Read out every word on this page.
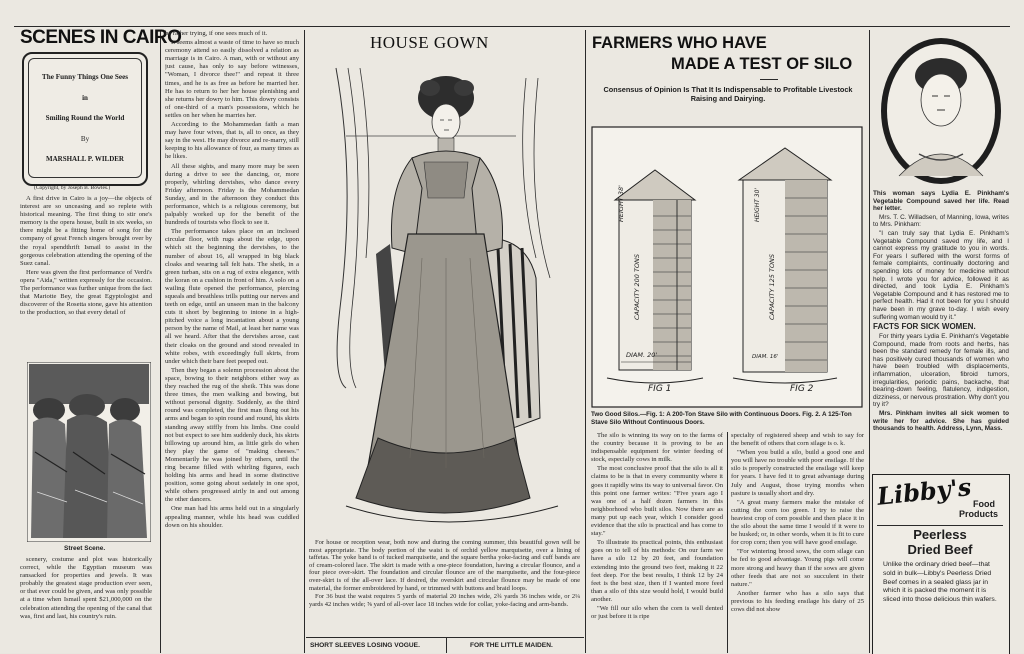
SCENES IN CAIRO
The Funny Things One Sees
in
Smiling Round the World
By
MARSHALL P. WILDER
(Copyright, by Joseph B. Bowles.)

A first drive in Cairo is a joy—the objects of interest are so unceasing and so replete with historical meaning. The first thing to stir one's memory is the opera house, built in six weeks, so there might be a fitting home of song for the company of great French singers brought over by the royal spendthrift Ismail to assist in the gorgeous celebration attending the opening of the Suez canal.

Here was given the first performance of Verdi's opera "Aida," written expressly for the occasion. The performance was further unique from the fact that Mariotte Bey, the great Egyptologist and discoverer of the Rosetta stone, gave his attention to the production, so that every detail of

Street Scene.

scenery, costume and plot was historically correct, while the Egyptian museum was ransacked for properties and jewels. It was probably the greatest stage production ever seen, or that ever could be given, and was only possible at a time when Ismail spent $21,000,000 on the celebration attending the opening of the canal that was, first and last, his country's ruin.

be rather trying, if one sees much of it.

It seems almost a waste of time to have so much ceremony attend so easily dissolved a relation as marriage is in Cairo. A man, with or without any just cause, has only to say before witnesses, "Woman, I divorce thee!" and repeat it three times, and he is as free as before he married her. He has to return to her her house plenishing and she returns her dowry to him. This dowry consists of one-third of a man's possessions, which he settles on her when he marries her.

According to the Mohammedan faith a man may have four wives, that is, all to once, as they say in the west. He may divorce and re-marry, still keeping to his allowance of four, as many times as he likes.

All these sights, and many more may be seen during a drive to see the dancing, or, more properly, whirling dervishes, who dance every Friday afternoon. Friday is the Mohammedan Sunday, and in the afternoon they conduct this performance, which is a religious ceremony, but palpably worked up for the benefit of the hundreds of tourists who flock to see it.

The performance takes place on an inclosed circular floor, with rugs about the edge, upon which sit the beginning the dervishes, to the number of about 16, all wrapped in big black cloaks and wearing tall felt hats. The sheik, in a green turban, sits on a rug of extra elegance, with the koran on a cushion in front of him. A solo on a wailing flute opened the performance, piercing squeals and breathless trills putting our nerves and teeth on edge, until an unseen man in the balcony cuts it short by beginning to intone in a high-pitched voice a long incantation about a young person by the name of Mail, at least her name was all we heard. After that the dervishes arose, cast their cloaks on the ground and stood revealed in white robes, with exceedingly full skirts, from under which their bare feet peeped out.

Then they began a solemn procession about the space, bowing to their neighbors either way as they reached the rug of the sheik. This was done three times, the men walking and bowing, but without personal dignity. Suddenly, as the third round was completed, the first man flung out his arms and began to spin round and round, his skirts standing away stiffly from his limbs. One could not but expect to see him suddenly duck, his skirts billowing up around him, as little girls do when they play the game of "making cheeses." Momentarily he was joined by others, until the ring became filled with whirling figures, each holding his arms and head in some distinctive position, some going about sedately in one spot, while others progressed airily in and out among the other dancers.

One man had his arms held out in a singularly appealing manner, while his head was cuddled down on his shoulder.

HOUSE GOWN

For house or reception wear, both now and during the coming summer, this beautiful gown will be most appropriate. The body portion of the waist is of orchid yellow marquisette, over a lining of taffetas. The yoke band is of tucked marquisette, and the square bertha yoke-facing and cuff bands are of cream-colored lace. The skirt is made with a one-piece foundation, having a circular flounce, and a four piece over-skirt. The foundation and circular flounce are of the marquisette, and the four-piece over-skirt is of the all-over lace. If desired, the overskirt and circular flounce may be made of one material, the former embroidered by hand, or trimmed with buttons and braid loops.

For 36 bust the waist requires 5 yards of material 20 inches wide, 2¾ yards 36 inches wide, or 2¼ yards 42 inches wide; ⅝ yard of all-over lace 18 inches wide for collar, yoke-facing and arm-bands.

SHORT SLEEVES LOSING VOGUE.	FOR THE LITTLE MAIDEN.
FARMERS WHO HAVE
MADE A TEST OF SILO
Consensus of Opinion Is That It Is Indispensable to Profitable Livestock Raising and Dairying.
HEIGHT 38'
CAPACITY 200 TONS
DIAM. 20'
FIG 1
HEIGHT 30'
CAPACITY 125 TONS
DIAM. 16'
FIG 2
Two Good Silos.—Fig. 1: A 200-Ton Stave Silo with Continuous Doors. Fig. 2. A 125-Ton Stave Silo Without Continuous Doors.

The silo is winning its way on to the farms of the country because it is proving to be an indispensable equipment for winter feeding of stock, especially cows in milk.

The most conclusive proof that the silo is all it claims to be is that in every community where it goes it rapidly wins its way to universal favor. On this point one farmer writes: "Five years ago I was one of a half dozen farmers in this neighborhood who built silos. Now there are as many put up each year, which I consider good evidence that the silo is practical and has come to stay."

To illustrate its practical points, this enthusiast goes on to tell of his methods: On our farm we have a silo 12 by 20 feet, and foundation extending into the ground two feet, making it 22 feet deep. For the best results, I think 12 by 24 feet is the best size, then if I wanted more feed than a silo of this size would hold, I would build another.

"We fill our silo when the corn is well dented or just before it is ripe

specialty of registered sheep and wish to say for the benefit of others that corn silage is o. k.

"When you build a silo, build a good one and you will have no trouble with poor ensilage. If the silo is properly constructed the ensilage will keep for years. I have fed it to great advantage during July and August, those trying months when pasture is usually short and dry.

"A great many farmers make the mistake of cutting the corn too green. I try to raise the heaviest crop of corn possible and then place it in the silo about the same time I would if it were to be husked; or, in other words, when it is fit to cure for crop corn; then you will have good ensilage.

"For wintering brood sows, the corn silage can be fed to good advantage. Young pigs will come more strong and heavy than if the sows are given other feeds that are not so succulent in their nature."

Another farmer who has a silo says that previous to his feeding ensilage his dairy of 25 cows did not show

This woman says Lydia E. Pinkham's Vegetable Compound saved her life. Read her letter.

Mrs. T. C. Willadsen, of Manning, Iowa, writes to Mrs. Pinkham:

"I can truly say that Lydia E. Pinkham's Vegetable Compound saved my life, and I cannot express my gratitude to you in words. For years I suffered with the worst forms of female complaints, continually doctoring and spending lots of money for medicine without help. I wrote you for advice, followed it as directed, and took Lydia E. Pinkham's Vegetable Compound and it has restored me to perfect health. Had it not been for you I should have been in my grave to-day. I wish every suffering woman would try it."

FACTS FOR SICK WOMEN.

For thirty years Lydia E. Pinkham's Vegetable Compound, made from roots and herbs, has been the standard remedy for female ills, and has positively cured thousands of women who have been troubled with displacements, inflammation, ulceration, fibroid tumors, irregularities, periodic pains, backache, that bearing-down feeling, flatulency, indigestion, dizziness, or nervous prostration. Why don't you try it?

Mrs. Pinkham invites all sick women to write her for advice. She has guided thousands to health. Address, Lynn, Mass.

Libby's Food
Products
Peerless
Dried Beef
Unlike the ordinary dried beef—that sold in bulk—Libby's Peerless Dried Beef comes in a sealed glass jar in which it is packed the moment it is sliced into those delicious thin wafers.
